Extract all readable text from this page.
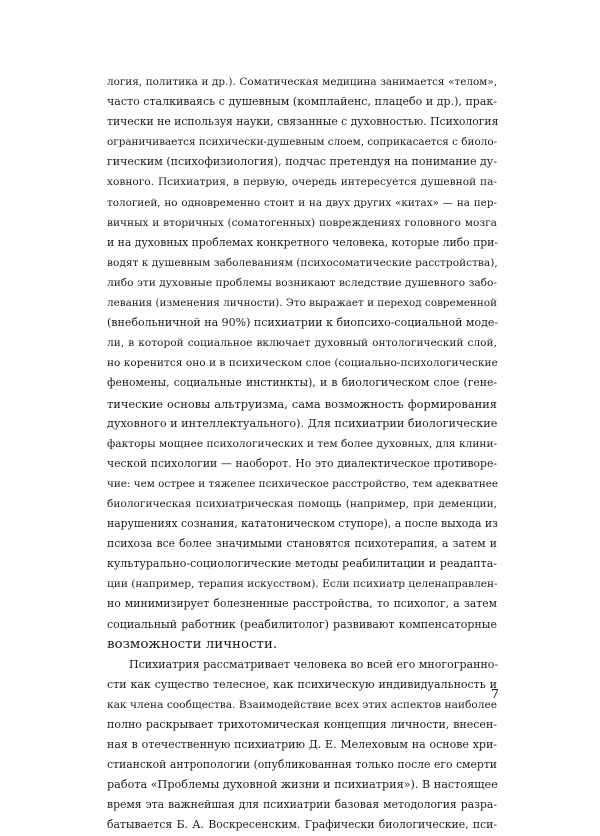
логия, политика и др.). Соматическая медицина занимается «телом»,
часто сталкиваясь с душевным (комплайенс, плацебо и др.), прак-
тически не используя науки, связанные с духовностью. Психология
ограничивается психически-душевным слоем, соприкасается с биоло-
гическим (психофизиология), подчас претендуя на понимание ду-
ховного. Психиатрия, в первую, очередь интересуется душевной па-
тологией, но одновременно стоит и на двух других «китах» — на пер-
вичных и вторичных (соматогенных) повреждениях головного мозга
и на духовных проблемах конкретного человека, которые либо при-
водят к душевным заболеваниям (психосоматические расстройства),
либо эти духовные проблемы возникают вследствие душевного забо-
левания (изменения личности). Это выражает и переход современной
(внебольничной на 90%) психиатрии к биопсихо-социальной моде-
ли, в которой социальное включает духовный онтологический слой,
но коренится оно и в психическом слое (социально-психологические
феномены, социальные инстинкты), и в биологическом слое (гене-
тические основы альтруизма, сама возможность формирования
духовного и интеллектуального). Для психиатрии биологические
факторы мощнее психологических и тем более духовных, для клини-
ческой психологии — наоборот. Но это диалектическое противоре-
чие: чем острее и тяжелее психическое расстройство, тем адекватнее
биологическая психиатрическая помощь (например, при деменции,
нарушениях сознания, кататоническом ступоре), а после выхода из
психоза все более значимыми становятся психотерапия, а затем и
культурально-социологические методы реабилитации и реадапта-
ции (например, терапия искусством). Если психиатр целенаправлен-
но минимизирует болезненные расстройства, то психолог, а затем
социальный работник (реабилитолог) развивают компенсаторные
возможности личности.
Психиатрия рассматривает человека во всей его многогранно-
сти как существо телесное, как психическую индивидуальность и
как члена сообщества. Взаимодействие всех этих аспектов наиболее
полно раскрывает трихотомическая концепция личности, внесен-
ная в отечественную психиатрию Д. Е. Мелеховым на основе хри-
стианской антропологии (опубликованная только после его смерти
работа «Проблемы духовной жизни и психиатрия»). В настоящее
время эта важнейшая для психиатрии базовая методология разра-
батывается Б. А. Воскресенским. Графически биологические, пси-
7
